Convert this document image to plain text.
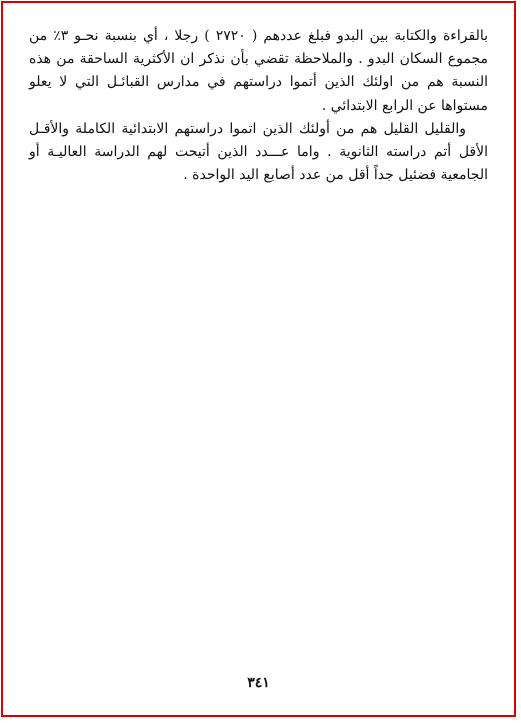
بالقراءة والكتابة بين البدو فبلغ عددهم ( ٢٧٢٠ ) رجلا ، أي بنسبة نحـو ٣٪ من مجموع السكان البدو . والملاحظة تقضي بأن نذكر ان الأكثرية الساحقة من هذه النسبة هم من اولئك الذين أتموا دراستهم في مدارس القبائـل التي لا يعلو مستواها عن الرابع الابتدائي .

والقليل القليل هم من أولئك الذين اتموا دراستهم الابتدائية الكاملة والأقـل الأقل أتم دراسته الثانوية . واما عـــدد الذين أتيحت لهم الدراسة العاليـة أو الجامعية فضئيل جداً أقل من عدد أصابع اليد الواحدة .

٣٤١
